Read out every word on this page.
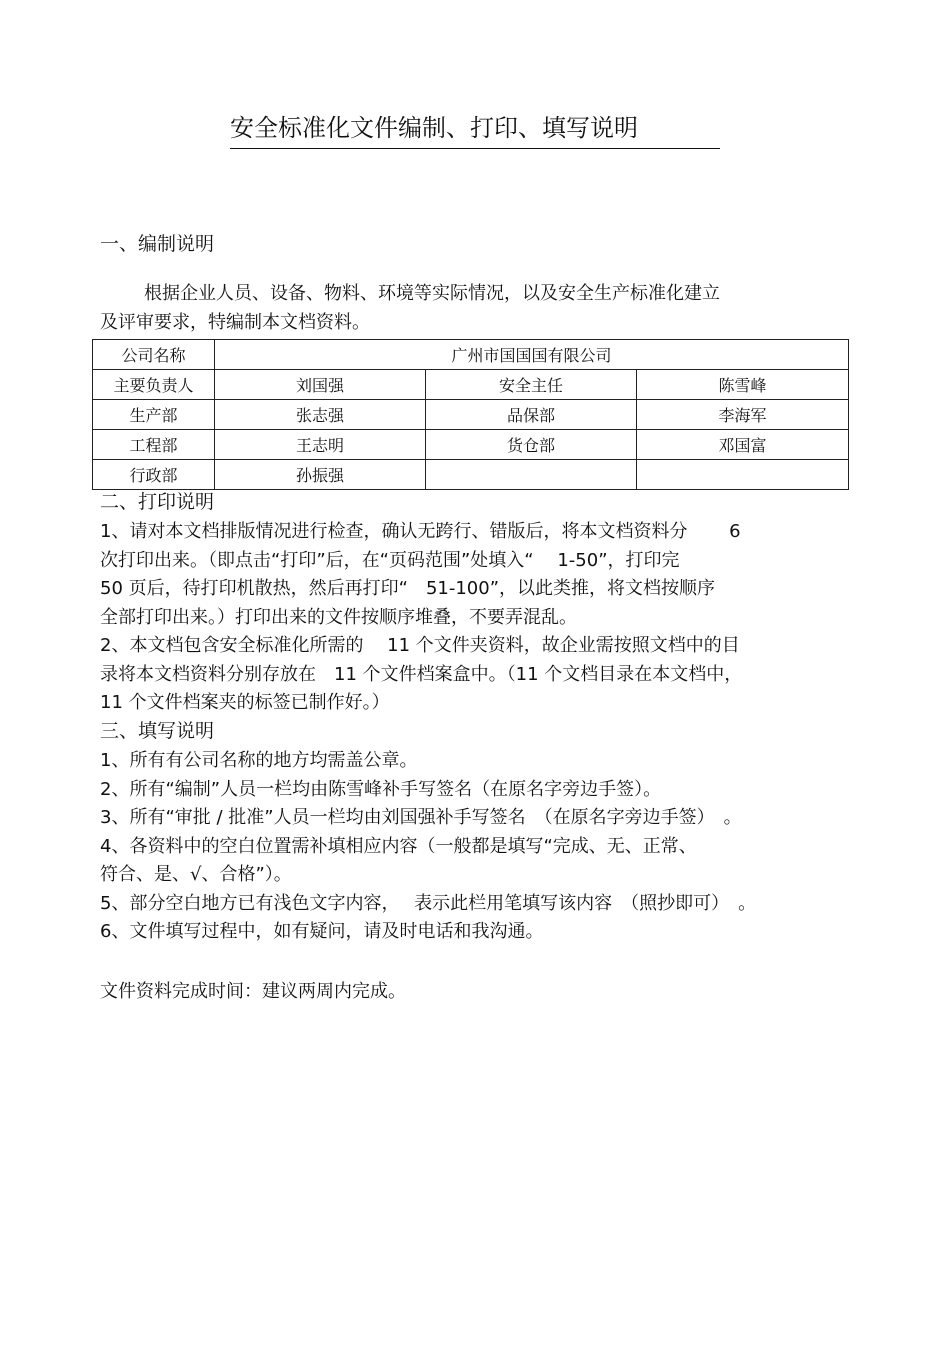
安全标准化文件编制、打印、填写说明
一、编制说明
根据企业人员、设备、物料、环境等实际情况，以及安全生产标准化建立
及评审要求，特编制本文档资料。
公司名称	广州市国国国有限公司		
主要负责人	刘国强	安全主任	陈雪峰
生产部	张志强	品保部	李海军
工程部	王志明	货仓部	邓国富
行政部	孙振强		
二、打印说明
1、请对本文档排版情况进行检查，确认无跨行、错版后，将本文档资料分 　　6
次打印出来。（即点击“打印”后，在“页码范围”处填入“　 1-50”，打印完
50 页后，待打印机散热，然后再打印“　51-100”，以此类推，将文档按顺序
全部打印出来。）打印出来的文件按顺序堆叠，不要弄混乱。
2、本文档包含安全标准化所需的　 11 个文件夹资料，故企业需按照文档中的目
录将本文档资料分别存放在　11 个文件档案盒中。（11 个文档目录在本文档中，
11 个文件档案夹的标签已制作好。）
三、填写说明
1、所有有公司名称的地方均需盖公章。
2、所有“编制”人员一栏均由陈雪峰补手写签名（在原名字旁边手签）。
3、所有“审批 / 批准”人员一栏均由刘国强补手写签名　（在原名字旁边手签）　。
4、各资料中的空白位置需补填相应内容（一般都是填写“完成、无、正常、
符合、是、√、合格”）。
5、部分空白地方已有浅色文字内容，　 表示此栏用笔填写该内容　（照抄即可）　。
6、文件填写过程中，如有疑问，请及时电话和我沟通。
文件资料完成时间：建议两周内完成。
